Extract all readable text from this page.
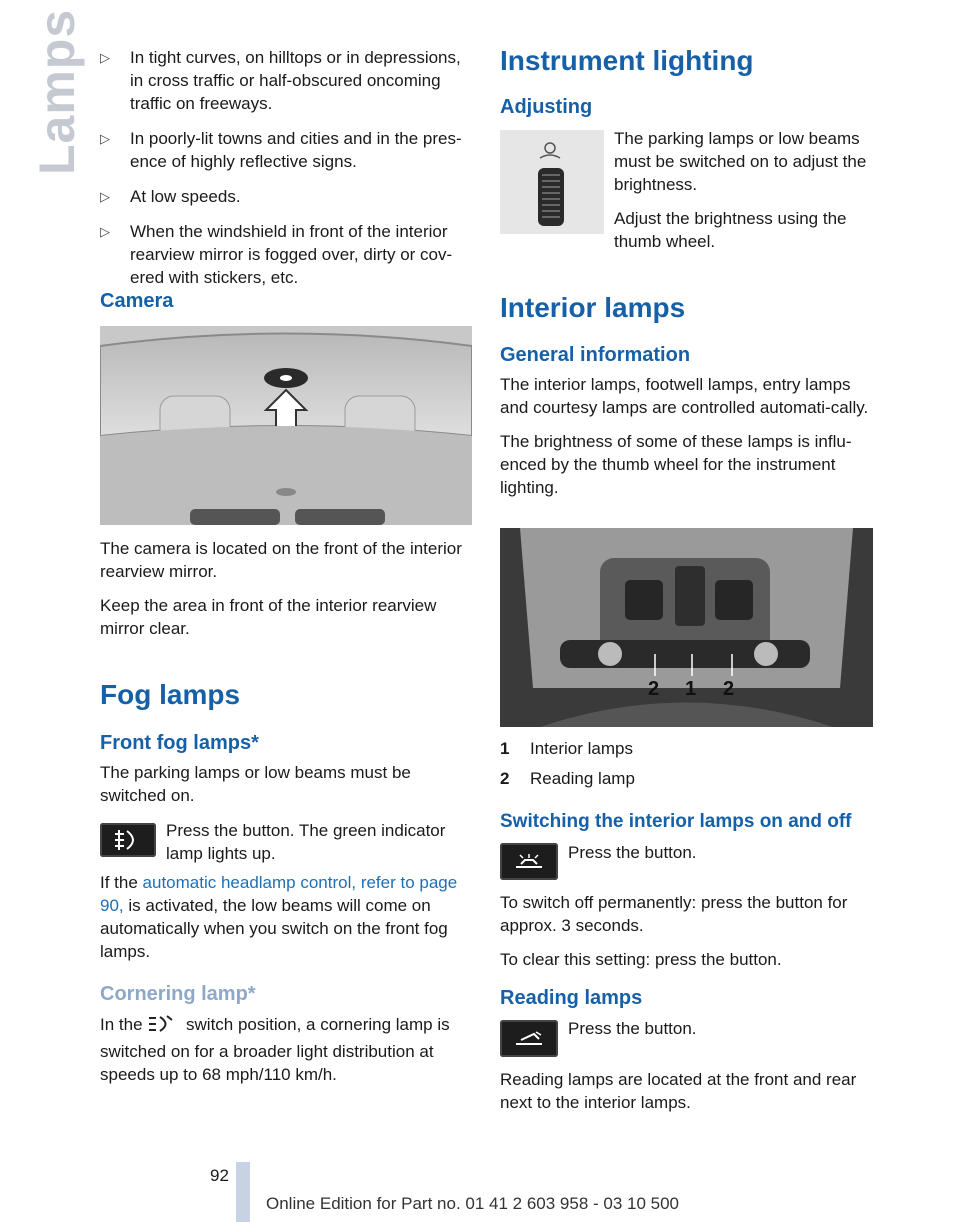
Lamps ▷	In tight curves, on hilltops or in depressions, in cross traffic or half-obscured oncoming traffic on freeways.
▷	In poorly-lit towns and cities and in the pres-ence of highly reflective signs.
▷	At low speeds.
▷	When the windshield in front of the interior rearview mirror is fogged over, dirty or cov-ered with stickers, etc.
Camera

The camera is located on the front of the interior rearview mirror.

Keep the area in front of the interior rearview mirror clear.

Fog lamps
Front fog lamps*
The parking lamps or low beams must be switched on.
Press the button. The green indicator lamp lights up.
If the automatic headlamp control, refer to page 90, is activated, the low beams will come on automatically when you switch on the front fog lamps.
Cornering lamp*
In the	switch position, a cornering lamp is switched on for a broader light distribution at speeds up to 68 mph/110 km/h.
Instrument lighting
Adjusting

The parking lamps or low beams must be switched on to adjust the brightness.

Adjust the brightness using the thumb wheel.

Interior lamps
General information

The interior lamps, footwell lamps, entry lamps and courtesy lamps are controlled automati-cally.

The brightness of some of these lamps is influ-enced by the thumb wheel for the instrument lighting.

2 1 2
1	Interior lamps
2	Reading lamp
Switching the interior lamps on and off
Press the button.

To switch off permanently: press the button for approx. 3 seconds.

To clear this setting: press the button.

Reading lamps
Press the button.
Reading lamps are located at the front and rear next to the interior lamps.
92
Online Edition for Part no. 01 41 2 603 958 - 03 10 500
